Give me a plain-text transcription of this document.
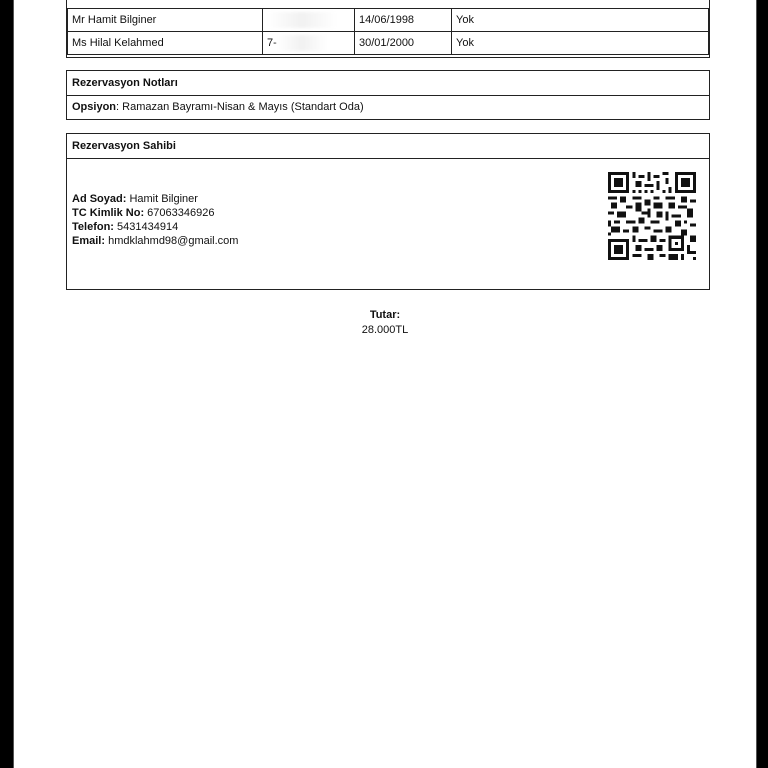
Mr Hamit Bilginer		14/06/1998	Yok
Ms Hilal Kelahmed	7-	30/01/2000	Yok
Rezervasyon Notları
Opsiyon: Ramazan Bayramı-Nisan & Mayıs (Standart Oda)
Rezervasyon Sahibi
Ad Soyad: Hamit Bilginer
TC Kimlik No: 67063346926
Telefon: 5431434914
Email: hmdklahmd98@gmail.com
Tutar:
28.000TL
